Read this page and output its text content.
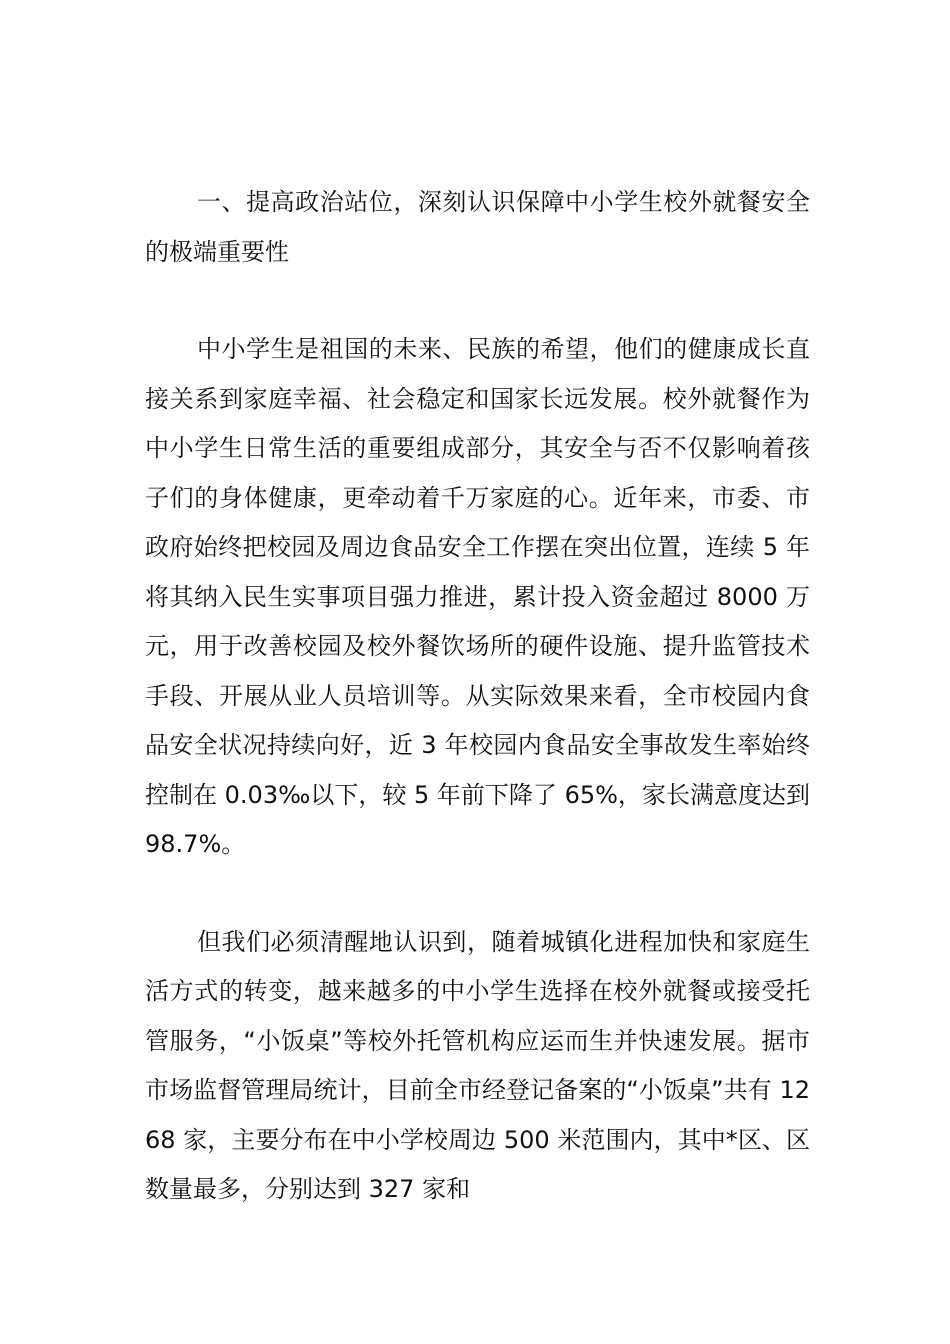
一、提高政治站位，深刻认识保障中小学生校外就餐安全的极端重要性

中小学生是祖国的未来、民族的希望，他们的健康成长直接关系到家庭幸福、社会稳定和国家长远发展。校外就餐作为中小学生日常生活的重要组成部分，其安全与否不仅影响着孩子们的身体健康，更牵动着千万家庭的心。近年来，市委、市政府始终把校园及周边食品安全工作摆在突出位置，连续 5 年将其纳入民生实事项目强力推进，累计投入资金超过 8000 万元，用于改善校园及校外餐饮场所的硬件设施、提升监管技术手段、开展从业人员培训等。从实际效果来看，全市校园内食品安全状况持续向好，近 3 年校园内食品安全事故发生率始终控制在 0.03‰以下，较 5 年前下降了 65%，家长满意度达到 98.7%。

但我们必须清醒地认识到，随着城镇化进程加快和家庭生活方式的转变，越来越多的中小学生选择在校外就餐或接受托管服务，“小饭桌”等校外托管机构应运而生并快速发展。据市市场监督管理局统计，目前全市经登记备案的“小饭桌”共有 1268 家，主要分布在中小学校周边 500 米范围内，其中*区、区数量最多，分别达到 327 家和
